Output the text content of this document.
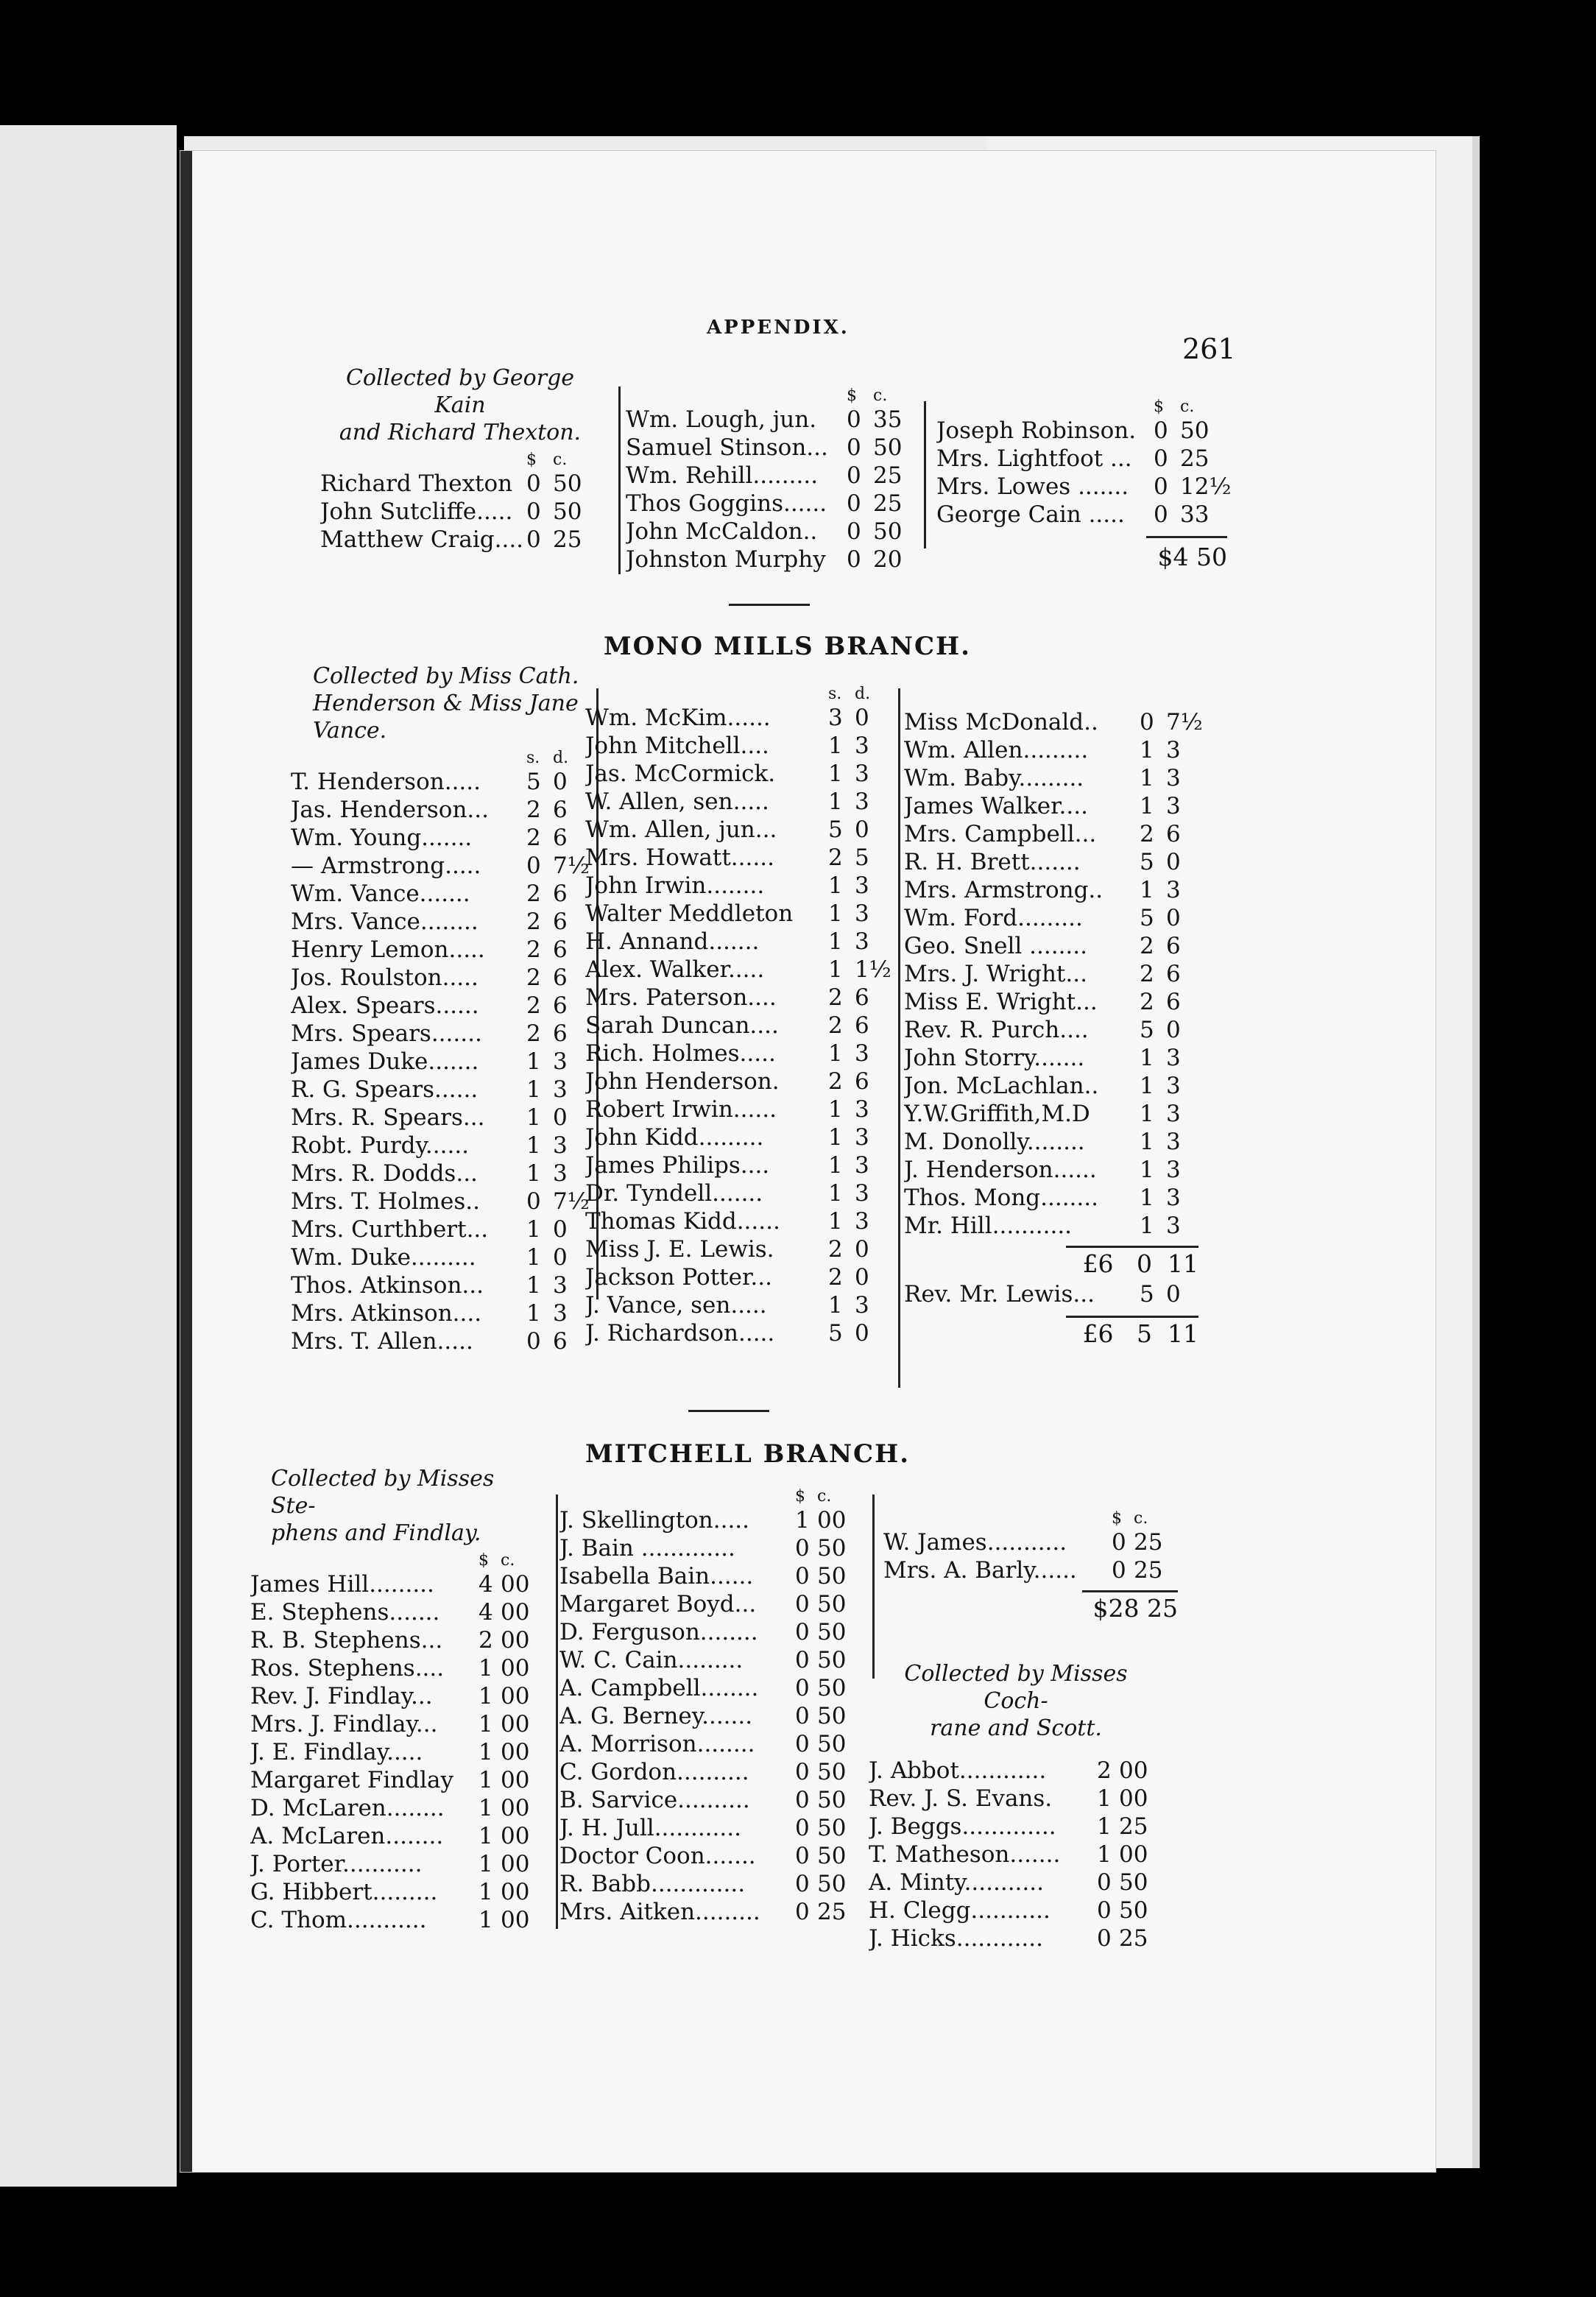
APPENDIX.
261
Collected by George Kain
and Richard Thexton.
$	c.
Richard Thexton 0 50
John Sutcliffe..... 0 50
Matthew Craig.... 0 25
$	c.
Wm. Lough, jun.	0 35
Samuel Stinson... 0 50
Wm. Rehill.........	0 25
Thos Goggins...... 0 25
John McCaldon..	0 50
Johnston Murphy 0 20
$	c.
Joseph Robinson. 0 50
Mrs. Lightfoot ... 0 25
Mrs. Lowes .......	0 12½
George Cain .....	0 33
$4 50
MONO MILLS BRANCH.
Collected by Miss Cath.
Henderson & Miss Jane
Vance.
s. d.
T. Henderson.....	5 0
Jas. Henderson...	2 6
Wm. Young.......	2 6
— Armstrong.....	0 7½
Wm. Vance.......	2 6
Mrs. Vance........	2 6
Henry Lemon.....	2 6
Jos. Roulston.....	2 6
Alex. Spears......	2 6
Mrs. Spears.......	2 6
James Duke.......	1 3
R. G. Spears......	1 3
Mrs. R. Spears...	1 0
Robt. Purdy......	1 3
Mrs. R. Dodds...	1 3
Mrs. T. Holmes..	0 7½
Mrs. Curthbert...	1 0
Wm. Duke.........	1 0
Thos. Atkinson...	1 3
Mrs. Atkinson....	1 3
Mrs. T. Allen.....	0 6
s. d.
Wm. McKim......	3 0
John Mitchell....	1 3
Jas. McCormick.	1 3
W. Allen, sen.....	1 3
Wm. Allen, jun...	5 0
Mrs. Howatt......	2 5
John Irwin........	1 3
Walter Meddleton	1 3
H. Annand.......	1 3
Alex. Walker.....	1 1½
Mrs. Paterson....	2 6
Sarah Duncan....	2 6
Rich. Holmes.....	1 3
John Henderson.	2 6
Robert Irwin......	1 3
John Kidd.........	1 3
James Philips....	1 3
Dr. Tyndell.......	1 3
Thomas Kidd......	1 3
Miss J. E. Lewis.	2 0
Jackson Potter...	2 0
J. Vance, sen.....	1 3
J. Richardson.....	5 0
Miss McDonald..	0 7½
Wm. Allen.........	1 3
Wm. Baby.........	1 3
James Walker....	1 3
Mrs. Campbell...	2 6
R. H. Brett.......	5 0
Mrs. Armstrong..	1 3
Wm. Ford.........	5 0
Geo. Snell ........	2 6
Mrs. J. Wright...	2 6
Miss E. Wright...	2 6
Rev. R. Purch....	5 0
John Storry.......	1 3
Jon. McLachlan..	1 3
Y.W.Griffith,M.D	1 3
M. Donolly........	1 3
J. Henderson......	1 3
Thos. Mong........	1 3
Mr. Hill...........	1 3
£6   0  11
Rev. Mr. Lewis...	5 0
£6   5  11
MITCHELL BRANCH.
Collected by Misses Ste-
phens and Findlay.
$ c.
James Hill.........	4 00
E. Stephens.......	4 00
R. B. Stephens...	2 00
Ros. Stephens....	1 00
Rev. J. Findlay...	1 00
Mrs. J. Findlay...	1 00
J. E. Findlay.....	1 00
Margaret Findlay	1 00
D. McLaren........	1 00
A. McLaren........	1 00
J. Porter...........	1 00
G. Hibbert.........	1 00
C. Thom...........	1 00
$ c.
J. Skellington.....	1 00
J. Bain .............	0 50
Isabella Bain......	0 50
Margaret Boyd...	0 50
D. Ferguson........	0 50
W. C. Cain.........	0 50
A. Campbell........	0 50
A. G. Berney.......	0 50
A. Morrison........	0 50
C. Gordon..........	0 50
B. Sarvice..........	0 50
J. H. Jull............	0 50
Doctor Coon.......	0 50
R. Babb.............	0 50
Mrs. Aitken.........	0 25
$ c.
W. James...........	0 25
Mrs. A. Barly......	0 25
$28 25
Collected by Misses Coch-
rane and Scott.
J. Abbot............	2 00
Rev. J. S. Evans.	1 00
J. Beggs.............	1 25
T. Matheson.......	1 00
A. Minty...........	0 50
H. Clegg...........	0 50
J. Hicks............	0 25
